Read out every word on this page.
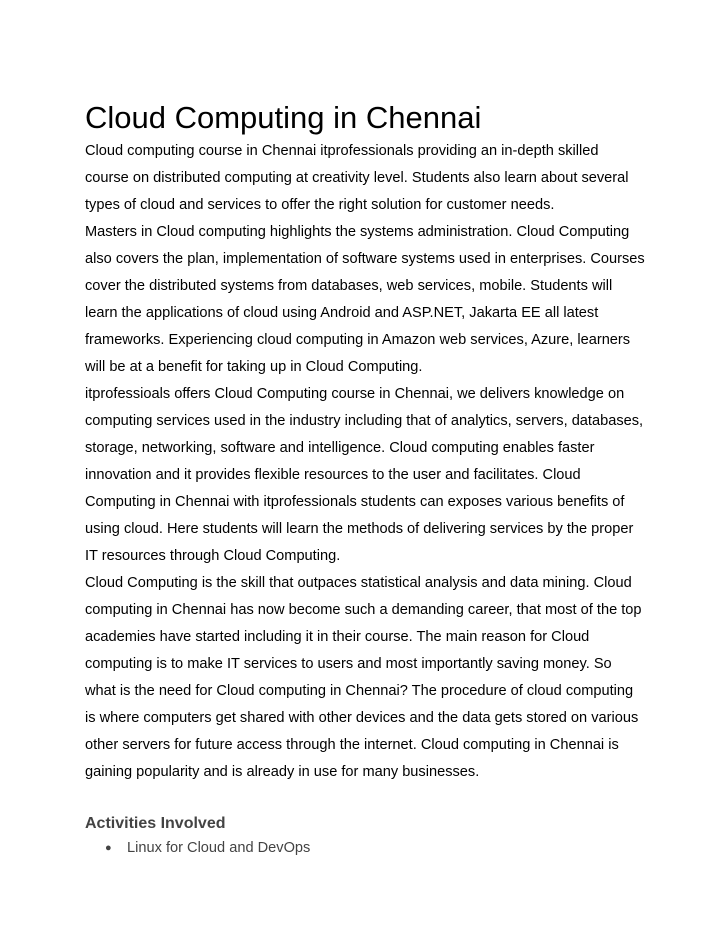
Cloud Computing in Chennai

Cloud computing course in Chennai itprofessionals providing an in-depth skilled course on distributed computing at creativity level. Students also learn about several types of cloud and services to offer the right solution for customer needs.

Masters in Cloud computing highlights the systems administration. Cloud Computing also covers the plan, implementation of software systems used in enterprises. Courses cover the distributed systems from databases, web services, mobile. Students will learn the applications of cloud using Android and ASP.NET, Jakarta EE all latest frameworks. Experiencing cloud computing in Amazon web services, Azure, learners will be at a benefit for taking up in Cloud Computing.

itprofessioals offers Cloud Computing course in Chennai, we delivers knowledge on computing services used in the industry including that of analytics, servers, databases, storage, networking, software and intelligence. Cloud computing enables faster innovation and it provides flexible resources to the user and facilitates. Cloud Computing in Chennai with itprofessionals students can exposes various benefits of using cloud. Here students will learn the methods of delivering services by the proper IT resources through Cloud Computing.

Cloud Computing is the skill that outpaces statistical analysis and data mining. Cloud computing in Chennai has now become such a demanding career, that most of the top academies have started including it in their course. The main reason for Cloud computing is to make IT services to users and most importantly saving money. So what is the need for Cloud computing in Chennai? The procedure of cloud computing is where computers get shared with other devices and the data gets stored on various other servers for future access through the internet. Cloud computing in Chennai is gaining popularity and is already in use for many businesses.

Activities Involved
● Linux for Cloud and DevOps
